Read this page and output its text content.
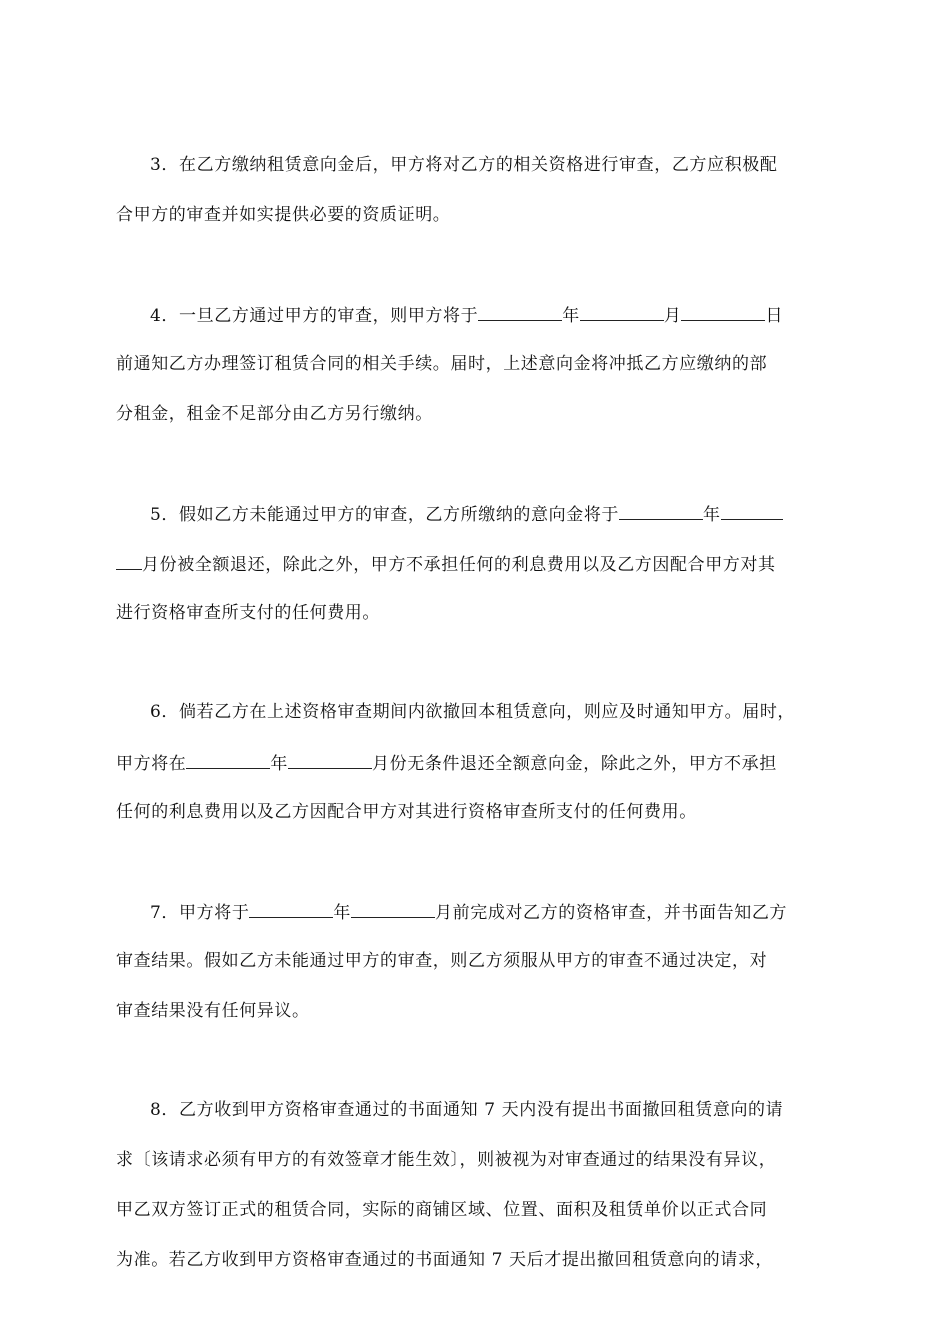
3．在乙方缴纳租赁意向金后，甲方将对乙方的相关资格进行审查，乙方应积极配
合甲方的审查并如实提供必要的资质证明。
4．一旦乙方通过甲方的审查，则甲方将于	年	月	日
前通知乙方办理签订租赁合同的相关手续。届时，上述意向金将冲抵乙方应缴纳的部
分租金，租金不足部分由乙方另行缴纳。
5．假如乙方未能通过甲方的审查，乙方所缴纳的意向金将于	年
月份被全额退还，除此之外，甲方不承担任何的利息费用以及乙方因配合甲方对其
进行资格审查所支付的任何费用。
6．倘若乙方在上述资格审查期间内欲撤回本租赁意向，则应及时通知甲方。届时，
甲方将在	年	月份无条件退还全额意向金，除此之外，甲方不承担
任何的利息费用以及乙方因配合甲方对其进行资格审查所支付的任何费用。
7．甲方将于	年	月前完成对乙方的资格审查，并书面告知乙方
审查结果。假如乙方未能通过甲方的审查，则乙方须服从甲方的审查不通过决定，对
审查结果没有任何异议。
8．乙方收到甲方资格审查通过的书面通知 7 天内没有提出书面撤回租赁意向的请
求〔该请求必须有甲方的有效签章才能生效〕，则被视为对审查通过的结果没有异议，
甲乙双方签订正式的租赁合同，实际的商铺区域、位置、面积及租赁单价以正式合同
为准。若乙方收到甲方资格审查通过的书面通知 7 天后才提出撤回租赁意向的请求，
